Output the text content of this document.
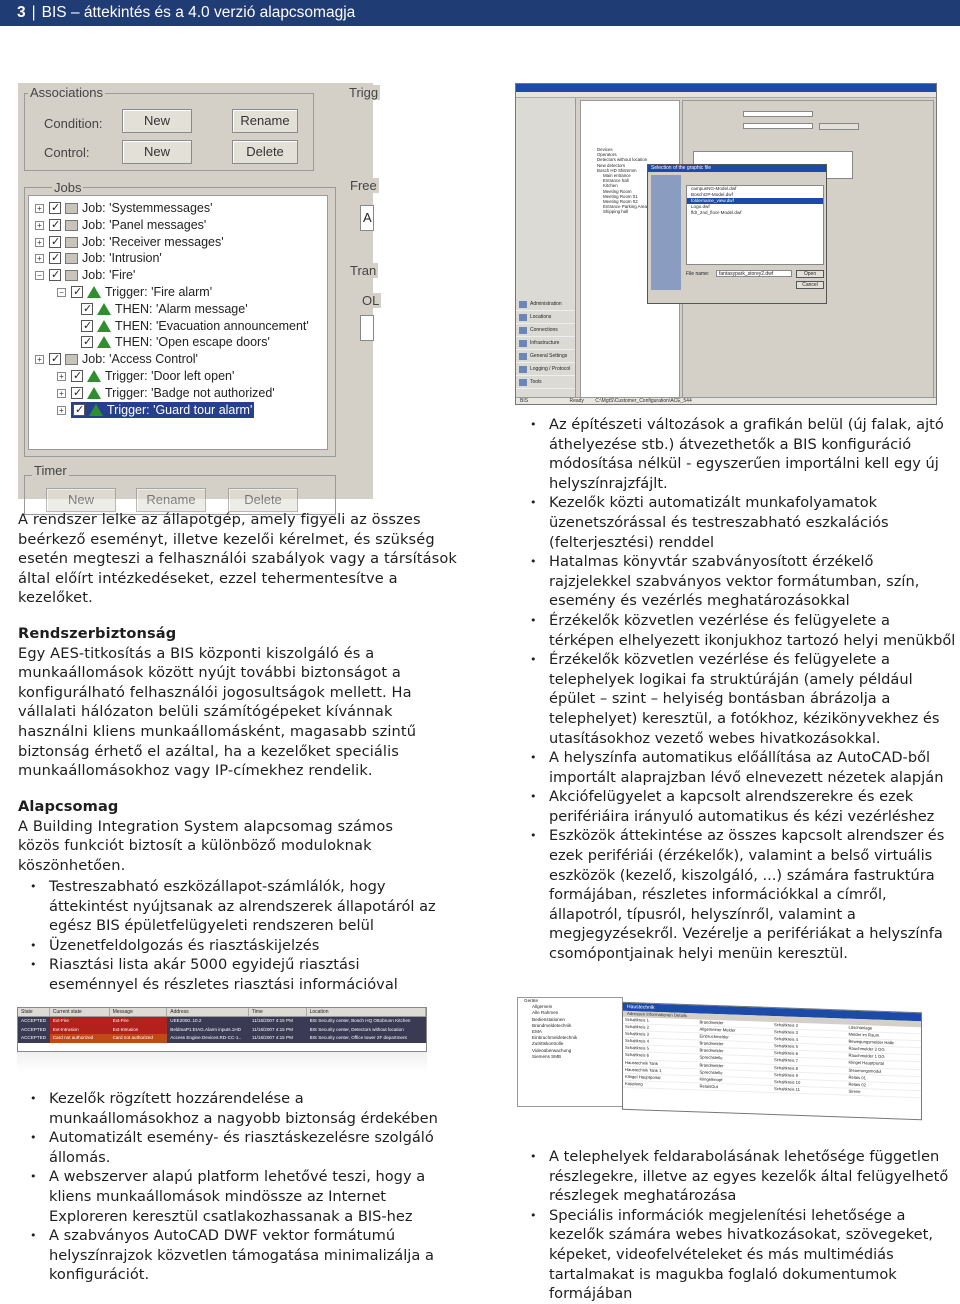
3 | BIS – áttekintés és a 4.0 verzió alapcsomagja
Associations	Trigg
Condition:
Control:
New	Rename
New	Delete
Jobs	Free
A
Tran
OL
+ ✓	Job: 'Systemmessages'
+ ✓	Job: 'Panel messages'
+ ✓	Job: 'Receiver messages'
+ ✓	Job: 'Intrusion'
− ✓	Job: 'Fire'
− ✓	Trigger: 'Fire alarm'
✓THEN: 'Alarm message'
✓THEN: 'Evacuation announcement'
✓THEN: 'Open escape doors'
+ ✓	Job: 'Access Control'
+ ✓	Trigger: 'Door left open'
+ ✓	Trigger: 'Badge not authorized'
+ ✓	Trigger: 'Guard tour alarm'
Timer
New	Rename	Delete
Administration
Locations
Connections
Infrastructure
General Settings
Logging / Protocol
Tools
Devices
Operators
Detectors without location
New detectors
Bosch HD Shitmmm
Main entrance
Entrance hall
Kitchen
Meeting Room
Meeting Room 01
Meeting Room 02
Entrance Parking Area
Shipping hall
Selection of the graphic file
campusNG-Model.dwf
BoschGP-Model.dwf
foldername_view.dwf
Logo.dwf
fldr_2nd_floor-Model.dwf
File name:	fantasypark_storey2.dwf	Open
Cancel
BIS	Ready C:\MgtS\Customer_Configuration\ACE_544
State	Current state	Message	Address	Time	Location
ACCEPTED	Ext-Fire	Ext-Fire	UEE2000..10.2	11/16/2007 4:15 PM	BIS Security center, Bosch HQ Ottobrunn Kitchen
ACCEPTED	Ext-Intrusion	Ext-Intrusion	BeldmaP1:EIAG.Alarm inputs.1HD	11/16/2007 4:15 PM	BIS Security center, Detectors without location
ACCEPTED	Card not authorized	Card not authorized	Access Engine.Devices.RD-CC-1..	11/16/2007 4:15 PM	BIS Security center, Office tower 2F department
Geräte
Allgemein
Alle Rahmen
Bedienstationen
Brandmeldetechnik
EMA
Einbruchmeldetechnik
Zutrittskontrolle
Videoüberwachung
Siemens SMB
Haustechnik
Adressen Informationen Details
Schaltkreis 1	Brandmelder	Schaltkreis 2	Löschanlage
Schaltkreis 2	Allgemeiner Melder	Schaltkreis 3	Melder im Raum
Schaltkreis 3	Einbruchmelder	Schaltkreis 4	Bewegungsmelder Halle
Schaltkreis 4	Brandmelder	Schaltkreis 5	Rauchmelder 2 OG
Schaltkreis 5	Brandmelder	Schaltkreis 6	Rauchmelder 1 OG
Schaltkreis 6	Sprechstelle	Schaltkreis 7	Klingel Hauptportal
Haustechnik Tank	Brandmelder	Schaltkreis 8	Steuerungsmodul
Haustechnik Tank 1	Sprechstelle	Schaltkreis 9	Relais 01
Klingel Hauptportal	Klingelknopf	Schaltkreis 10	Relais 02
Kopplung	RelaisOut	Schaltkreis 11	Sirene
A rendszer lelke az állapotgép, amely figyeli az összes beérkező eseményt, illetve kezelői kérelmet, és szükség esetén megteszi a felhasználói szabályok vagy a társítások által előírt intézkedéseket, ezzel tehermentesítve a kezelőket.
Rendszerbiztonság
Egy AES-titkosítás a BIS központi kiszolgáló és a munkaállomások között nyújt további biztonságot a konfigurálható felhasználói jogosultságok mellett. Ha vállalati hálózaton belüli számítógépeket kívánnak használni kliens munkaállomásként, magasabb szintű biztonság érhető el azáltal, ha a kezelőket speciális munkaállomásokhoz vagy IP-címekhez rendelik.
Alapcsomag
A Building Integration System alapcsomag számos közös funkciót biztosít a különböző moduloknak köszönhetően.
• Testreszabható eszközállapot-számlálók, hogy áttekintést nyújtsanak az alrendszerek állapotáról az egész BIS épületfelügyeleti rendszeren belül
• Üzenetfeldolgozás és riasztáskijelzés
• Riasztási lista akár 5000 egyidejű riasztási eseménnyel és részletes riasztási információval
• Kezelők rögzített hozzárendelése a munkaállomásokhoz a nagyobb biztonság érdekében
• Automatizált esemény- és riasztáskezelésre szolgáló állomás.
• A webszerver alapú platform lehetővé teszi, hogy a kliens munkaállomások mindössze az Internet Exploreren keresztül csatlakozhassanak a BIS-hez
• A szabványos AutoCAD DWF vektor formátumú helyszínrajzok közvetlen támogatása minimalizálja a konfigurációt.
• Az építészeti változások a grafikán belül (új falak, ajtó áthelyezése stb.) átvezethetők a BIS konfiguráció módosítása nélkül - egyszerűen importálni kell egy új helyszínrajzfájlt.
• Kezelők közti automatizált munkafolyamatok üzenetszórással és testreszabható eszkalációs (felterjesztési) renddel
• Hatalmas könyvtár szabványosított érzékelő rajzjelekkel szabványos vektor formátumban, szín, esemény és vezérlés meghatározásokkal
• Érzékelők közvetlen vezérlése és felügyelete a térképen elhelyezett ikonjukhoz tartozó helyi menükből
• Érzékelők közvetlen vezérlése és felügyelete a telephelyek logikai fa struktúráján (amely például épület – szint – helyiség bontásban ábrázolja a telephelyet) keresztül, a fotókhoz, kézikönyvekhez és utasításokhoz vezető webes hivatkozásokkal.
• A helyszínfa automatikus előállítása az AutoCAD-ből importált alaprajzban lévő elnevezett nézetek alapján
• Akciófelügyelet a kapcsolt alrendszerekre és ezek perifériáira irányuló automatikus és kézi vezérléshez
• Eszközök áttekintése az összes kapcsolt alrendszer és ezek perifériái (érzékelők), valamint a belső virtuális eszközök (kezelő, kiszolgáló, ...) számára fastruktúra formájában, részletes információkkal a címről, állapotról, típusról, helyszínről, valamint a megjegyzésekről. Vezérelje a perifériákat a helyszínfa csomópontjainak helyi menüin keresztül.
• A telephelyek feldarabolásának lehetősége független részlegekre, illetve az egyes kezelők által felügyelhető részlegek meghatározása
• Speciális információk megjelenítési lehetősége a kezelők számára webes hivatkozásokat, szövegeket, képeket, videofelvételeket és más multimédiás tartalmakat is magukba foglaló dokumentumok formájában
